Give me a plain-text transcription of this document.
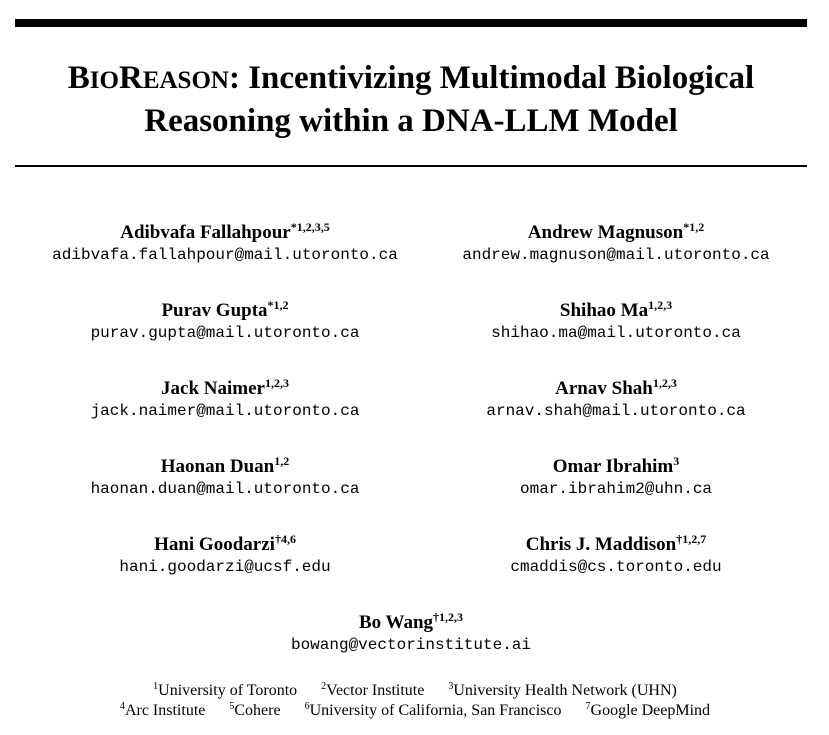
BIOREASON: Incentivizing Multimodal Biological
Reasoning within a DNA-LLM Model
Adibvafa Fallahpour$^{*1,2,3,5}$
adibvafa.fallahpour@mail.utoronto.ca
Andrew Magnuson$^{*1,2}$
andrew.magnuson@mail.utoronto.ca
Purav Gupta$^{*1,2}$
purav.gupta@mail.utoronto.ca
Shihao Ma$^{1,2,3}$
shihao.ma@mail.utoronto.ca
Jack Naimer$^{1,2,3}$
jack.naimer@mail.utoronto.ca
Arnav Shah$^{1,2,3}$
arnav.shah@mail.utoronto.ca
Haonan Duan$^{1,2}$
haonan.duan@mail.utoronto.ca
Omar Ibrahim$^3$
omar.ibrahim2@uhn.ca
Hani Goodarzi$^{\dagger 4,6}$
hani.goodarzi@ucsf.edu
Chris J. Maddison$^{\dagger 1,2,7}$
cmaddis@cs.toronto.edu
Bo Wang$^{\dagger 1,2,3}$
bowang@vectorinstitute.ai
$^1$University of Toronto $^2$Vector Institute $^3$University Health Network (UHN)
$^4$Arc Institute $^5$Cohere $^6$University of California, San Francisco $^7$Google DeepMind
